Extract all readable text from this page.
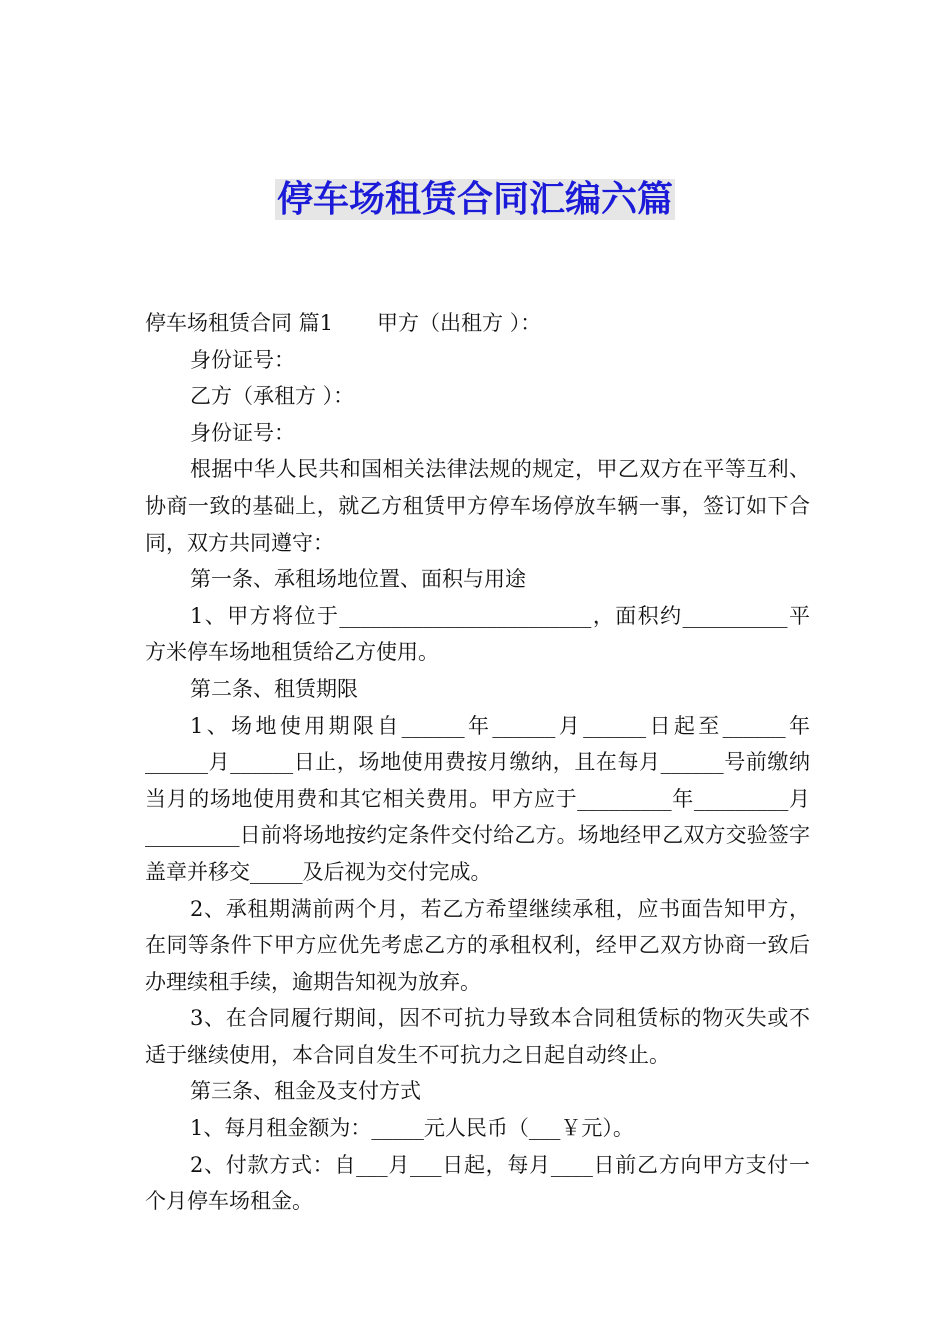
停车场租赁合同汇编六篇

停车场租赁合同 篇1 甲方（出租方 ）：

身份证号：

乙方（承租方 ）：

身份证号：

根据中华人民共和国相关法律法规的规定，甲乙双方在平等互利、协商一致的基础上，就乙方租赁甲方停车场停放车辆一事，签订如下合同，双方共同遵守：

第一条、承租场地位置、面积与用途

1、甲方将位于________________________，面积约__________平方米停车场地租赁给乙方使用。

第二条、租赁期限

1、场地使用期限自______年______月______日起至______年______月______日止，场地使用费按月缴纳，且在每月______号前缴纳当月的场地使用费和其它相关费用。甲方应于_________年_________月_________日前将场地按约定条件交付给乙方。场地经甲乙双方交验签字盖章并移交_____及后视为交付完成。

2、承租期满前两个月，若乙方希望继续承租，应书面告知甲方，在同等条件下甲方应优先考虑乙方的承租权利，经甲乙双方协商一致后办理续租手续，逾期告知视为放弃。

3、在合同履行期间，因不可抗力导致本合同租赁标的物灭失或不适于继续使用，本合同自发生不可抗力之日起自动终止。

第三条、租金及支付方式

1、每月租金额为：_____元人民币（___￥元）。

2、付款方式：自___月___日起，每月____日前乙方向甲方支付一个月停车场租金。
